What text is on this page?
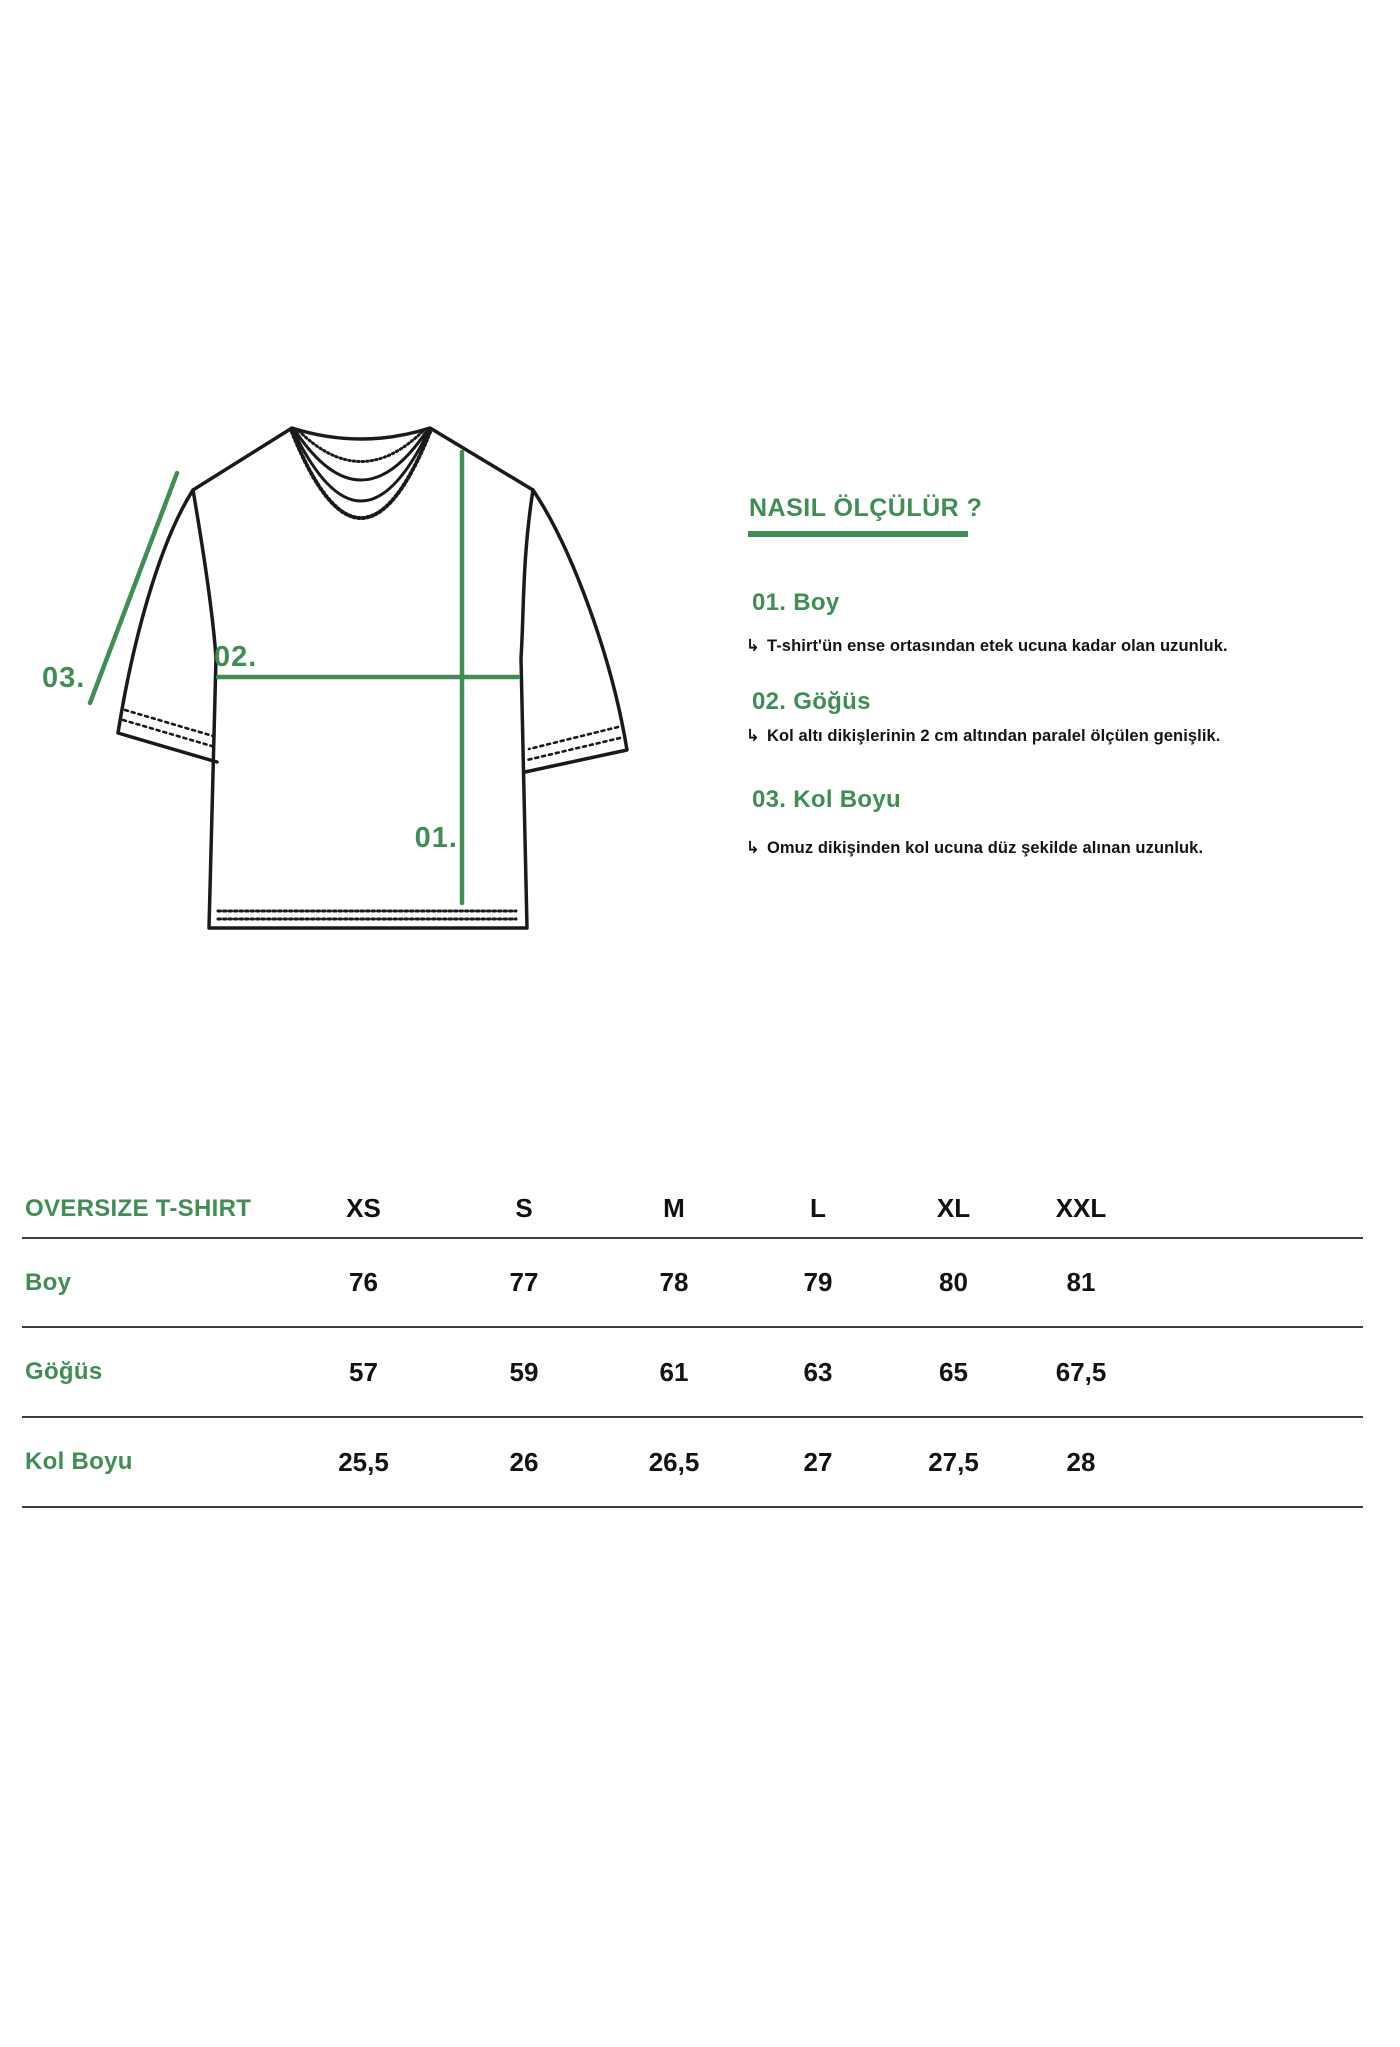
01.
02.
03.
NASIL ÖLÇÜLÜR ?
01. Boy
↳ T-shirt'ün ense ortasından etek ucuna kadar olan uzunluk.
02. Göğüs
↳ Kol altı dikişlerinin 2 cm altından paralel ölçülen genişlik.
03. Kol Boyu
↳ Omuz dikişinden kol ucuna düz şekilde alınan uzunluk.
OVERSIZE T-SHIRT	XS	S	M	L	XL	XXL
Boy	76	77	78	79	80	81
Göğüs	57	59	61	63	65	67,5
Kol Boyu	25,5	26	26,5	27	27,5	28
